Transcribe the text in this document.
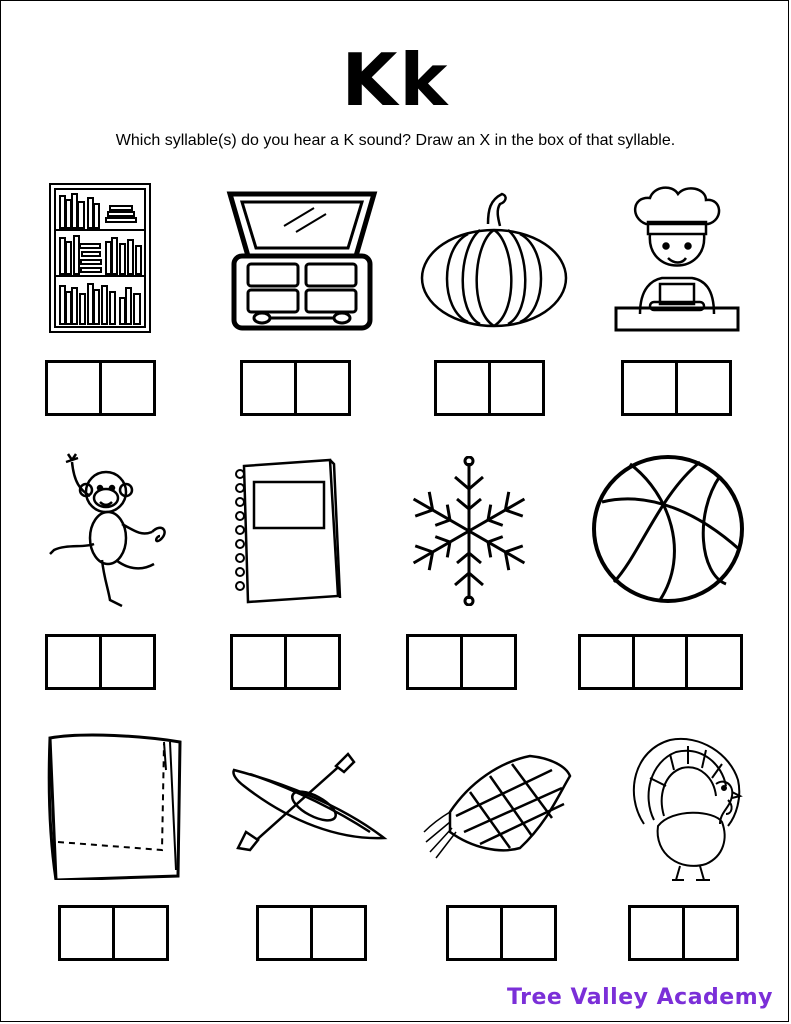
Kk
Which syllable(s) do you hear a K sound? Draw an X in the box of that syllable.
Tree Valley Academy
